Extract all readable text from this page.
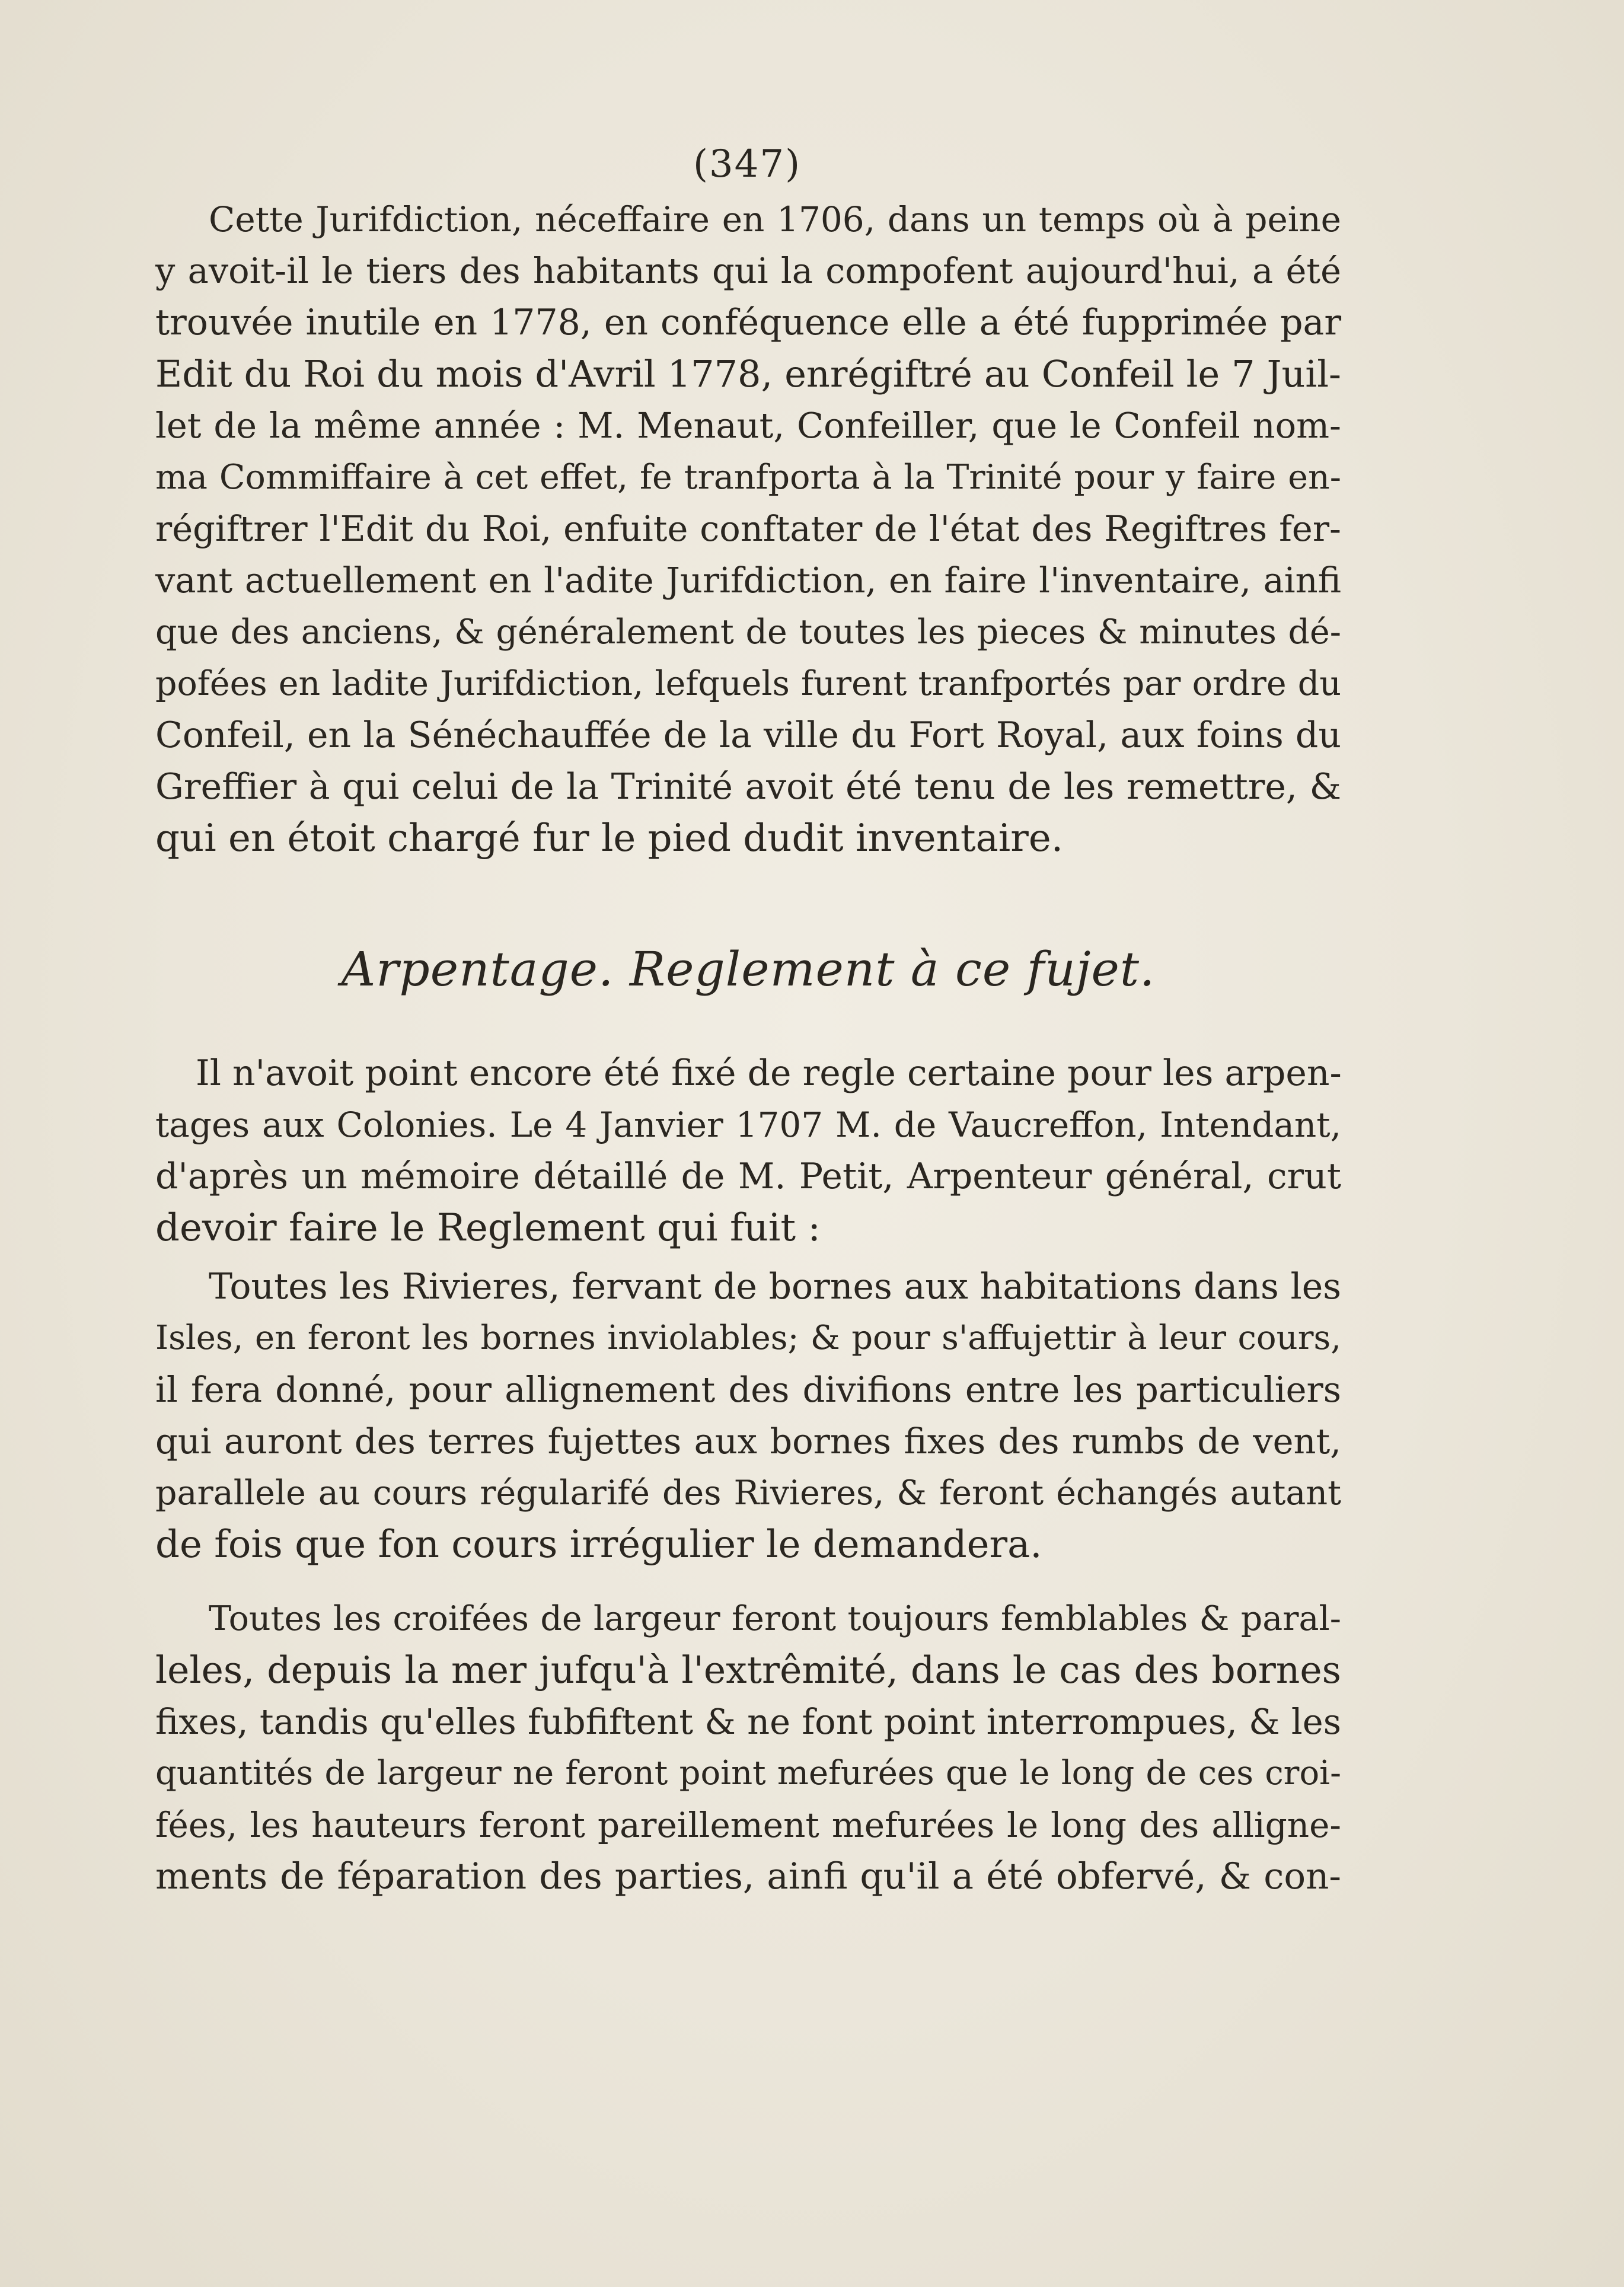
(347)
Cette Jurifdiction, néceffaire en 1706, dans un temps où à peine
y avoit-il le tiers des habitants qui la compofent aujourd'hui, a été
trouvée inutile en 1778, en conféquence elle a été fupprimée par
Edit du Roi du mois d'Avril 1778, enrégiftré au Confeil le 7 Juil-
let de la même année : M. Menaut, Confeiller, que le Confeil nom-
ma Commiffaire à cet effet, fe tranfporta à la Trinité pour y faire en-
régiftrer l'Edit du Roi, enfuite conftater de l'état des Regiftres fer-
vant actuellement en l'adite Jurifdiction, en faire l'inventaire, ainfi
que des anciens, & généralement de toutes les pieces & minutes dé-
pofées en ladite Jurifdiction, lefquels furent tranfportés par ordre du
Confeil, en la Sénéchauffée de la ville du Fort Royal, aux foins du
Greffier à qui celui de la Trinité avoit été tenu de les remettre, &
qui en étoit chargé fur le pied dudit inventaire.
Arpentage. Reglement à ce fujet.
Il n'avoit point encore été fixé de regle certaine pour les arpen-
tages aux Colonies. Le 4 Janvier 1707 M. de Vaucreffon, Intendant,
d'après un mémoire détaillé de M. Petit, Arpenteur général, crut
devoir faire le Reglement qui fuit :
Toutes les Rivieres, fervant de bornes aux habitations dans les
Isles, en feront les bornes inviolables; & pour s'affujettir à leur cours,
il fera donné, pour allignement des divifions entre les particuliers
qui auront des terres fujettes aux bornes fixes des rumbs de vent,
parallele au cours régularifé des Rivieres, & feront échangés autant
de fois que fon cours irrégulier le demandera.
Toutes les croifées de largeur feront toujours femblables & paral-
leles, depuis la mer jufqu'à l'extrêmité, dans le cas des bornes
fixes, tandis qu'elles fubfiftent & ne font point interrompues, & les
quantités de largeur ne feront point mefurées que le long de ces croi-
fées, les hauteurs feront pareillement mefurées le long des alligne-
ments de féparation des parties, ainfi qu'il a été obfervé, & con-
